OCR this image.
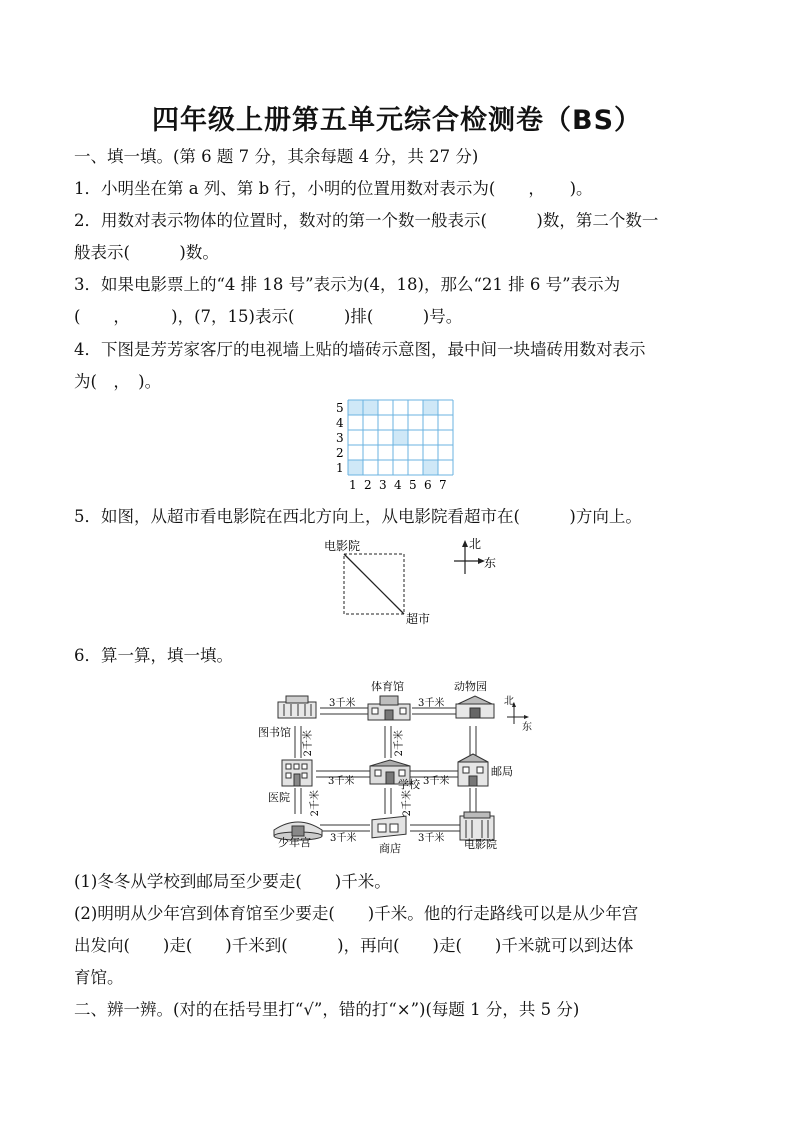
四年级上册第五单元综合检测卷（BS）
一、填一填。(第 6 题 7 分，其余每题 4 分，共 27 分)
1．小明坐在第 a 列、第 b 行，小明的位置用数对表示为(　　，　　)。
2．用数对表示物体的位置时，数对的第一个数一般表示(　　　)数，第二个数一
般表示(　　　)数。
3．如果电影票上的“4 排 18 号”表示为(4，18)，那么“21 排 6 号”表示为
(　　，　　　)，(7，15)表示(　　　)排(　　　)号。
4．下图是芳芳家客厅的电视墙上贴的墙砖示意图，最中间一块墙砖用数对表示
为(　，　)。
1 2 3 4 5 6 7
1
2
3
4
5
5．如图，从超市看电影院在西北方向上，从电影院看超市在(　　　)方向上。
电影院
超市
北
东
6．算一算，填一填。
体育馆	动物园
图书馆
医院
学校
邮局
少年宫	商店	电影院
3千米	3千米
3千米	3千米
3千米	3千米
2千米	2千米
2千米	2千米
北
东
(1)冬冬从学校到邮局至少要走(　　)千米。
(2)明明从少年宫到体育馆至少要走(　　)千米。他的行走路线可以是从少年宫
出发向(　　)走(　　)千米到(　　　)，再向(　　)走(　　)千米就可以到达体
育馆。
二、辨一辨。(对的在括号里打“√”，错的打“×”)(每题 1 分，共 5 分)
